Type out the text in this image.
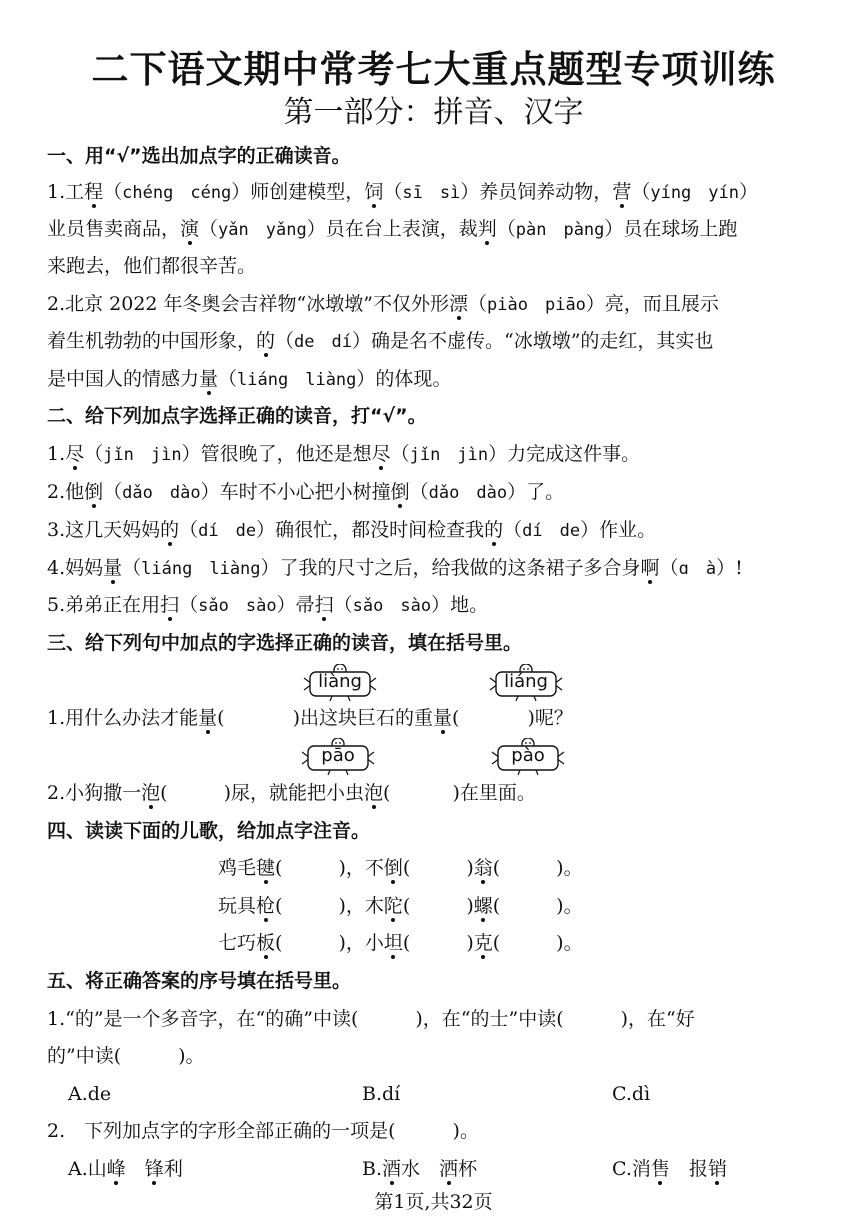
二下语文期中常考七大重点题型专项训练
第一部分：拼音、汉字
一、用“√”选出加点字的正确读音。
1.工程（chéng　céng）师创建模型，饲（sī　sì）养员饲养动物，营（yíng　yín）
业员售卖商品，演（yǎn　yǎng）员在台上表演，裁判（pàn　pàng）员在球场上跑
来跑去，他们都很辛苦。
2.北京 2022 年冬奥会吉祥物“冰墩墩”不仅外形漂（piào　piāo）亮，而且展示
着生机勃勃的中国形象，的（de　dí）确是名不虚传。“冰墩墩”的走红，其实也
是中国人的情感力量（liáng　liàng）的体现。
二、给下列加点字选择正确的读音，打“√”。
1.尽（jǐn　jìn）管很晚了，他还是想尽（jǐn　jìn）力完成这件事。
2.他倒（dǎo　dào）车时不小心把小树撞倒（dǎo　dào）了。
3.这几天妈妈的（dí　de）确很忙，都没时间检查我的（dí　de）作业。
4.妈妈量（liáng　liàng）了我的尺寸之后，给我做的这条裙子多合身啊（ɑ　à）!
5.弟弟正在用扫（sǎo　sào）帚扫（sǎo　sào）地。
三、给下列句中加点的字选择正确的读音，填在括号里。
liàng	liáng
1.用什么办法才能量(	)出这块巨石的重量(	)呢？
pāo	pào
2.小狗撒一泡(	)尿，就能把小虫泡(	)在里面。
四、读读下面的儿歌，给加点字注音。
鸡毛毽(	)，不倒(	)翁(	)。
玩具枪(	)，木陀(	)螺(	)。
七巧板(	)，小坦(	)克(	)。
五、将正确答案的序号填在括号里。
1.“的”是一个多音字，在“的确”中读(　　　)，在“的士”中读(　　　)，在“好
的”中读(　　　)。
A.de	B.dí	C.dì
2.　下列加点字的字形全部正确的一项是(　　　)。
A.山峰　 锋利	B.酒水　洒杯	C.消售　报销
第1页,共32页
